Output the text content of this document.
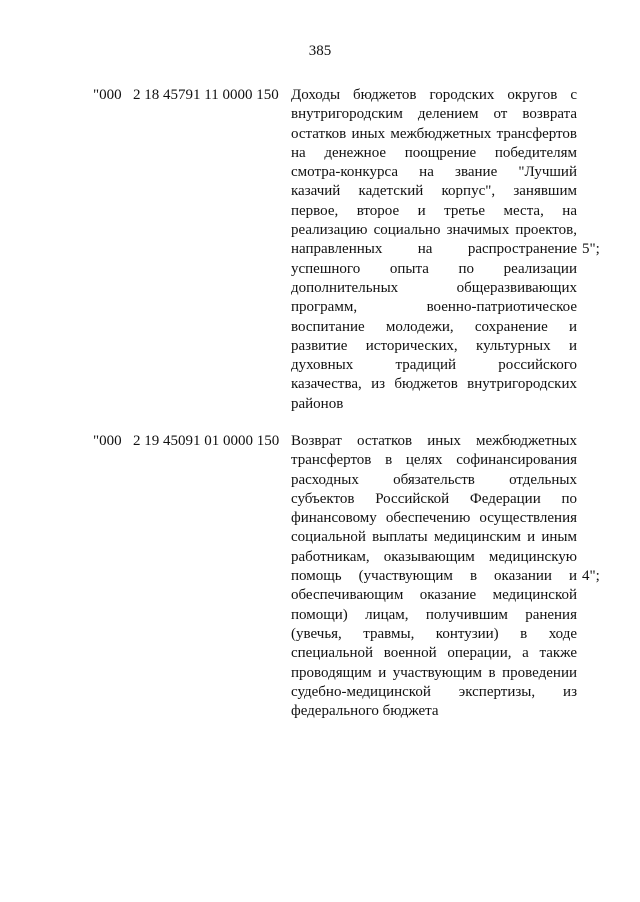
385
"000 2 18 45791 11 0000 150 Доходы бюджетов городских округов с
внутригородским делением от возврата
остатков иных межбюджетных трансфертов
на денежное поощрение победителям
смотра-конкурса на звание "Лучший
казачий кадетский корпус", занявшим
первое, второе и третье места, на
реализацию социально значимых проектов,
направленных на распространение
успешного опыта по реализации
дополнительных общеразвивающих
программ, военно-патриотическое
воспитание молодежи, сохранение и
развитие исторических, культурных и
духовных традиций российского
казачества, из бюджетов внутригородских
районов
5";
"000 2 19 45091 01 0000 150 Возврат остатков иных межбюджетных
трансфертов в целях софинансирования
расходных обязательств отдельных
субъектов Российской Федерации по
финансовому обеспечению осуществления
социальной выплаты медицинским и иным
работникам, оказывающим медицинскую
помощь (участвующим в оказании и
обеспечивающим оказание медицинской
помощи) лицам, получившим ранения
(увечья, травмы, контузии) в ходе
специальной военной операции, а также
проводящим и участвующим в проведении
судебно-медицинской экспертизы, из
федерального бюджета
4";
